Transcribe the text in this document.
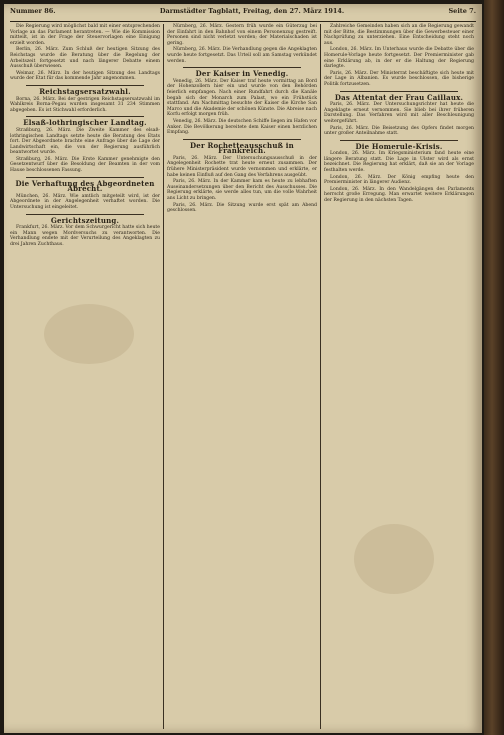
Nummer 86.	Darmstädter Tagblatt, Freitag, den 27. März 1914.	Seite 7.

Die Regierung wird möglichst bald mit einer entsprechenden Vorlage an das Parlament herantreten. — Wie die Kommission mitteilt, ist in der Frage der Steuervorlagen eine Einigung erzielt worden.

Berlin, 26. März. Zum Schluß der heutigen Sitzung des Reichstags wurde die Beratung über die Regelung der Arbeitszeit fortgesetzt und nach längerer Debatte einem Ausschuß überwiesen.

Weimar, 26. März. In der heutigen Sitzung des Landtags wurde der Etat für das kommende Jahr angenommen.

Reichstagsersatzwahl.

Borna, 26. März. Bei der gestrigen Reichstagsersatzwahl im Wahlkreis Borna-Pegau wurden insgesamt 31 234 Stimmen abgegeben. Es ist Stichwahl erforderlich.

Elsaß-lothringischer Landtag.

Straßburg, 26. März. Die Zweite Kammer des elsaß-lothringischen Landtags setzte heute die Beratung des Etats fort. Der Abgeordnete brachte eine Anfrage über die Lage der Landwirtschaft ein, die von der Regierung ausführlich beantwortet wurde.

Straßburg, 26. März. Die Erste Kammer genehmigte den Gesetzentwurf über die Besoldung der Beamten in der vom Hause beschlossenen Fassung.

Die Verhaftung des Abgeordneten Abrecht.

München, 26. März. Wie amtlich mitgeteilt wird, ist der Abgeordnete in der Angelegenheit verhaftet worden. Die Untersuchung ist eingeleitet.

Gerichtszeitung.

Frankfurt, 26. März. Vor dem Schwurgericht hatte sich heute ein Mann wegen Mordversuchs zu verantworten. Die Verhandlung endete mit der Verurteilung des Angeklagten zu drei Jahren Zuchthaus.

Nürnberg, 26. März. Gestern früh wurde ein Güterzug bei der Einfahrt in den Bahnhof von einem Personenzug gestreift. Personen sind nicht verletzt worden; der Materialschaden ist gering.

Nürnberg, 26. März. Die Verhandlung gegen die Angeklagten wurde heute fortgesetzt. Das Urteil soll am Samstag verkündet werden.

Der Kaiser in Venedig.

Venedig, 26. März. Der Kaiser traf heute vormittag an Bord der Hohenzollern hier ein und wurde von den Behörden feierlich empfangen. Nach einer Rundfahrt durch die Kanäle begab sich der Monarch zum Palast, wo ein Frühstück stattfand. Am Nachmittag besuchte der Kaiser die Kirche San Marco und die Akademie der schönen Künste. Die Abreise nach Korfu erfolgt morgen früh.

Venedig, 26. März. Die deutschen Schiffe liegen im Hafen vor Anker. Die Bevölkerung bereitete dem Kaiser einen herzlichen Empfang.

Der Rochetteausschuß in Frankreich.

Paris, 26. März. Der Untersuchungsausschuß in der Angelegenheit Rochette trat heute erneut zusammen. Der frühere Ministerpräsident wurde vernommen und erklärte, er habe keinen Einfluß auf den Gang des Verfahrens ausgeübt.

Paris, 26. März. In der Kammer kam es heute zu lebhaften Auseinandersetzungen über den Bericht des Ausschusses. Die Regierung erklärte, sie werde alles tun, um die volle Wahrheit ans Licht zu bringen.

Paris, 26. März. Die Sitzung wurde erst spät am Abend geschlossen.

Zahlreiche Gemeinden haben sich an die Regierung gewandt mit der Bitte, die Bestimmungen über die Gewerbesteuer einer Nachprüfung zu unterziehen. Eine Entscheidung steht noch aus.

London, 26. März. Im Unterhaus wurde die Debatte über die Homerule-Vorlage heute fortgesetzt. Der Premierminister gab eine Erklärung ab, in der er die Haltung der Regierung darlegte.

Paris, 26. März. Der Ministerrat beschäftigte sich heute mit der Lage in Albanien. Es wurde beschlossen, die bisherige Politik fortzusetzen.

Das Attentat der Frau Caillaux.

Paris, 26. März. Der Untersuchungsrichter hat heute die Angeklagte erneut vernommen. Sie blieb bei ihrer früheren Darstellung. Das Verfahren wird mit aller Beschleunigung weitergeführt.

Paris, 26. März. Die Beisetzung des Opfers findet morgen unter großer Anteilnahme statt.

Die Homerule-Krisis.

London, 26. März. Im Kriegsministerium fand heute eine längere Beratung statt. Die Lage in Ulster wird als ernst bezeichnet. Die Regierung hat erklärt, daß sie an der Vorlage festhalten werde.

London, 26. März. Der König empfing heute den Premierminister in längerer Audienz.

London, 26. März. In den Wandelgängen des Parlaments herrscht große Erregung. Man erwartet weitere Erklärungen der Regierung in den nächsten Tagen.
